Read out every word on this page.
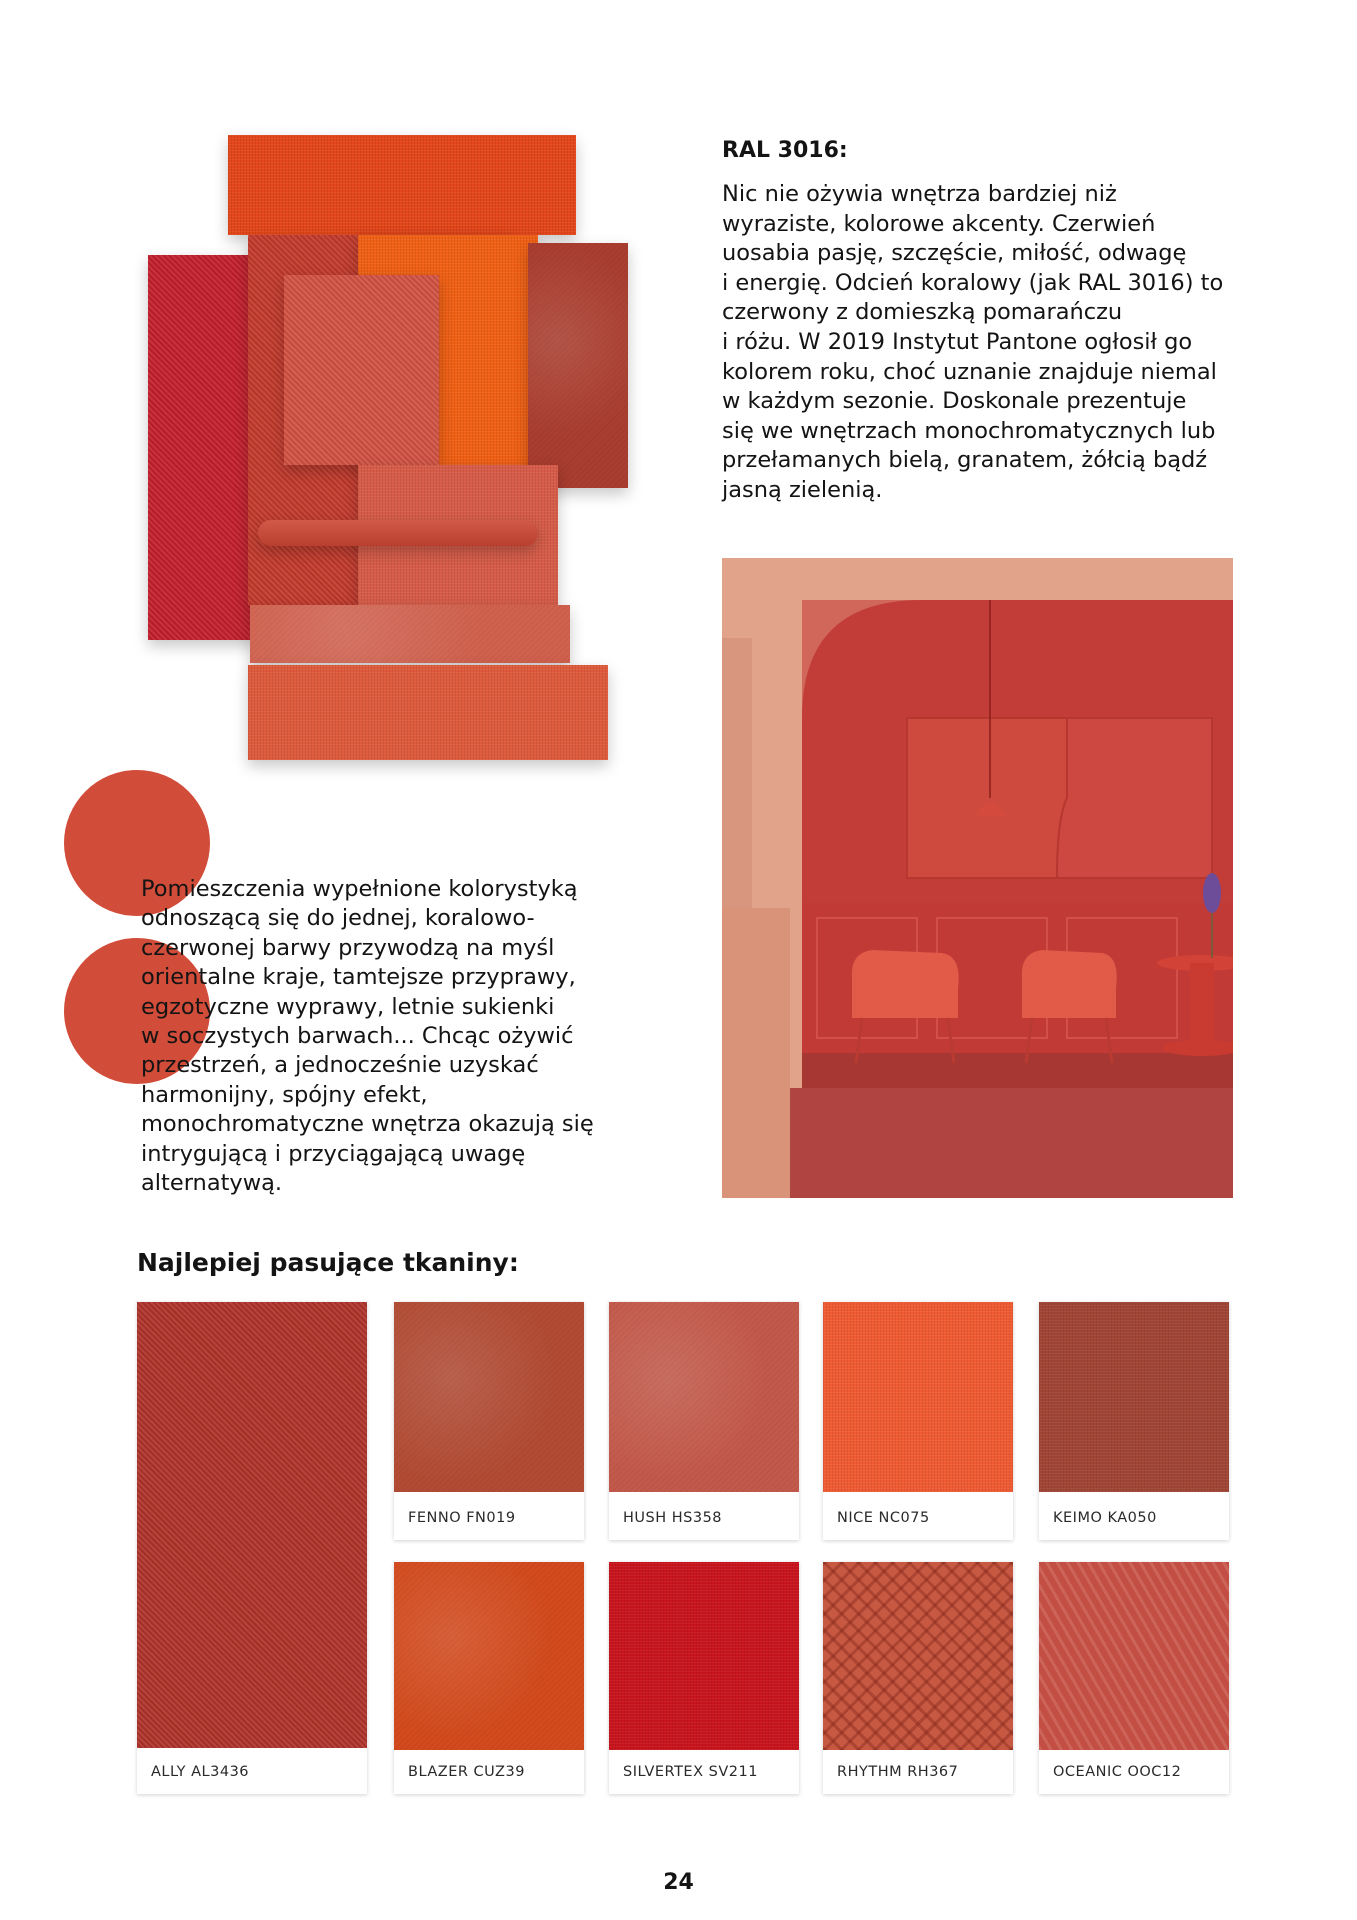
RAL 3016:
Nic nie ożywia wnętrza bardziej niż
wyraziste, kolorowe akcenty. Czerwień
uosabia pasję, szczęście, miłość, odwagę
i energię. Odcień koralowy (jak RAL 3016) to
czerwony z domieszką pomarańczu
i różu. W 2019 Instytut Pantone ogłosił go
kolorem roku, choć uznanie znajduje niemal
w każdym sezonie. Doskonale prezentuje
się we wnętrzach monochromatycznych lub
przełamanych bielą, granatem, żółcią bądź
jasną zielenią.
Pomieszczenia wypełnione kolorystyką
odnoszącą się do jednej, koralowo-
czerwonej barwy przywodzą na myśl
orientalne kraje, tamtejsze przyprawy,
egzotyczne wyprawy, letnie sukienki
w soczystych barwach... Chcąc ożywić
przestrzeń, a jednocześnie uzyskać
harmonijny, spójny efekt,
monochromatyczne wnętrza okazują się
intrygującą i przyciągającą uwagę
alternatywą.
Najlepiej pasujące tkaniny:
ALLY AL3436
FENNO FN019	HUSH HS358	NICE NC075	KEIMO KA050
BLAZER CUZ39	SILVERTEX SV211	RHYTHM RH367	OCEANIC OOC12
24
